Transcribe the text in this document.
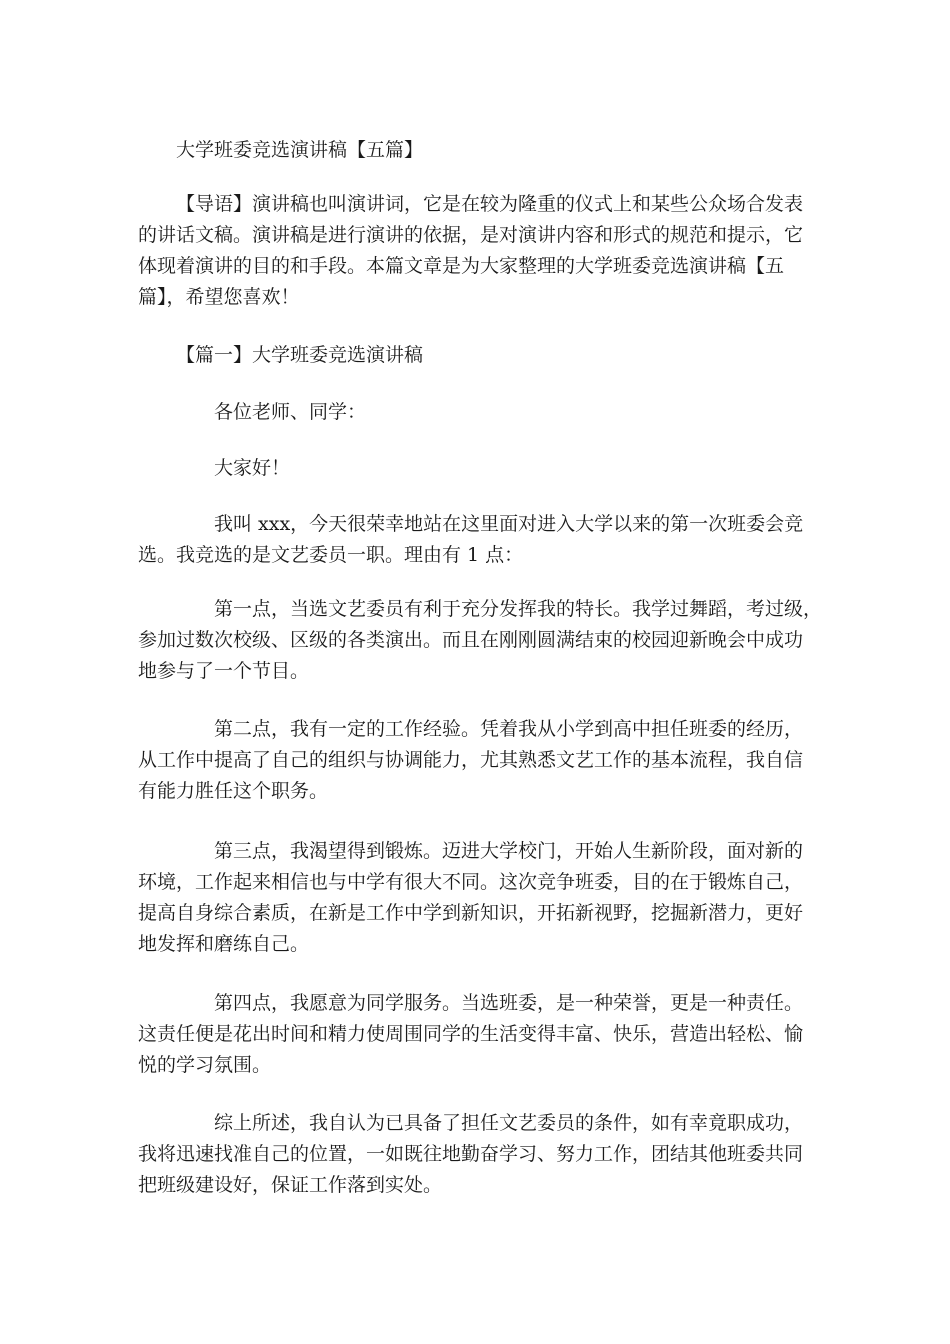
大学班委竞选演讲稿【五篇】

【导语】演讲稿也叫演讲词，它是在较为隆重的仪式上和某些公众场合发表
的讲话文稿。演讲稿是进行演讲的依据，是对演讲内容和形式的规范和提示，它
体现着演讲的目的和手段。本篇文章是为大家整理的大学班委竞选演讲稿【五
篇】，希望您喜欢！

【篇一】大学班委竞选演讲稿

各位老师、同学：

大家好！

我叫 xxx，今天很荣幸地站在这里面对进入大学以来的第一次班委会竞
选。我竞选的是文艺委员一职。理由有 1 点：

第一点，当选文艺委员有利于充分发挥我的特长。我学过舞蹈，考过级，
参加过数次校级、区级的各类演出。而且在刚刚圆满结束的校园迎新晚会中成功
地参与了一个节目。

第二点，我有一定的工作经验。凭着我从小学到高中担任班委的经历，
从工作中提高了自己的组织与协调能力，尤其熟悉文艺工作的基本流程，我自信
有能力胜任这个职务。

第三点，我渴望得到锻炼。迈进大学校门，开始人生新阶段，面对新的
环境，工作起来相信也与中学有很大不同。这次竞争班委，目的在于锻炼自己，
提高自身综合素质，在新是工作中学到新知识，开拓新视野，挖掘新潜力，更好
地发挥和磨练自己。

第四点，我愿意为同学服务。当选班委，是一种荣誉，更是一种责任。
这责任便是花出时间和精力使周围同学的生活变得丰富、快乐，营造出轻松、愉
悦的学习氛围。

综上所述，我自认为已具备了担任文艺委员的条件，如有幸竟职成功，
我将迅速找准自己的位置，一如既往地勤奋学习、努力工作，团结其他班委共同
把班级建设好，保证工作落到实处。
